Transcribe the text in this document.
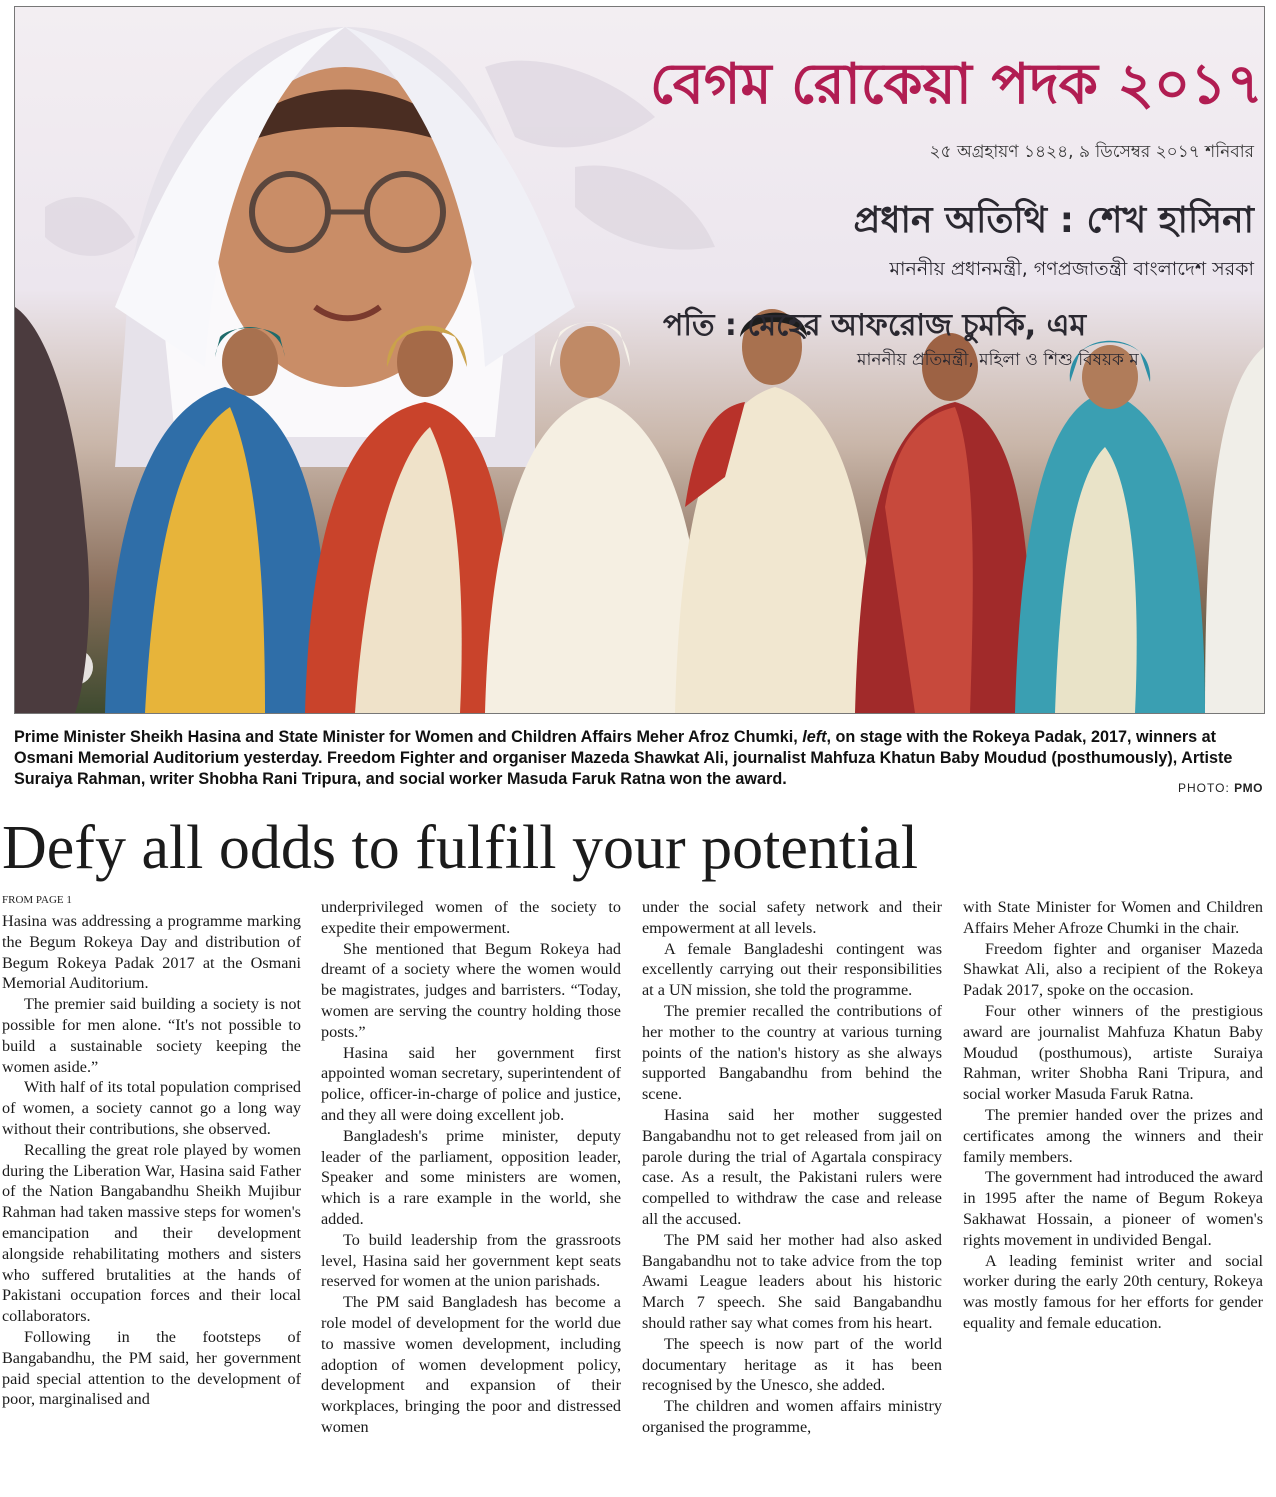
বেগম রোকেয়া পদক ২০১৭
২৫ অগ্রহায়ণ ১৪২৪, ৯ ডিসেম্বর ২০১৭ শনিবার
প্রধান অতিথি : শেখ হাসিনা
মাননীয় প্রধানমন্ত্রী, গণপ্রজাতন্ত্রী বাংলাদেশ সরকা
পতি : মেহের আফরোজ চুমকি, এম
মাননীয় প্রতিমন্ত্রী, মহিলা ও শিশু বিষয়ক ম
Prime Minister Sheikh Hasina and State Minister for Women and Children Affairs Meher Afroz Chumki, left, on stage with the Rokeya Padak, 2017, winners at Osmani Memorial Auditorium yesterday. Freedom Fighter and organiser Mazeda Shawkat Ali, journalist Mahfuza Khatun Baby Moudud (posthumously), Artiste Suraiya Rahman, writer Shobha Rani Tripura, and social worker Masuda Faruk Ratna won the award.	PHOTO: PMO
Defy all odds to fulfill your potential
FROM PAGE 1

Hasina was addressing a programme marking the Begum Rokeya Day and distribution of Begum Rokeya Padak 2017 at the Osmani Memorial Auditorium.

The premier said building a society is not possible for men alone. “It's not possible to build a sustainable society keeping the women aside.”

With half of its total population comprised of women, a society cannot go a long way without their contributions, she observed.

Recalling the great role played by women during the Liberation War, Hasina said Father of the Nation Bangabandhu Sheikh Mujibur Rahman had taken massive steps for women's emancipation and their development alongside rehabilitating mothers and sisters who suffered brutalities at the hands of Pakistani occupation forces and their local collaborators.

Following in the footsteps of Bangabandhu, the PM said, her government paid special attention to the development of poor, marginalised and

underprivileged women of the society to expedite their empowerment.

She mentioned that Begum Rokeya had dreamt of a society where the women would be magistrates, judges and barristers. “Today, women are serving the country holding those posts.”

Hasina said her government first appointed woman secretary, superintendent of police, officer-in-charge of police and justice, and they all were doing excellent job.

Bangladesh's prime minister, deputy leader of the parliament, opposition leader, Speaker and some ministers are women, which is a rare example in the world, she added.

To build leadership from the grassroots level, Hasina said her government kept seats reserved for women at the union parishads.

The PM said Bangladesh has become a role model of development for the world due to massive women development, including adoption of women development policy, development and expansion of their workplaces, bringing the poor and distressed women

under the social safety network and their empowerment at all levels.

A female Bangladeshi contingent was excellently carrying out their responsibilities at a UN mission, she told the programme.

The premier recalled the contributions of her mother to the country at various turning points of the nation's history as she always supported Bangabandhu from behind the scene.

Hasina said her mother suggested Bangabandhu not to get released from jail on parole during the trial of Agartala conspiracy case. As a result, the Pakistani rulers were compelled to withdraw the case and release all the accused.

The PM said her mother had also asked Bangabandhu not to take advice from the top Awami League leaders about his historic March 7 speech. She said Bangabandhu should rather say what comes from his heart.

The speech is now part of the world documentary heritage as it has been recognised by the Unesco, she added.

The children and women affairs ministry organised the programme,

with State Minister for Women and Children Affairs Meher Afroze Chumki in the chair.

Freedom fighter and organiser Mazeda Shawkat Ali, also a recipient of the Rokeya Padak 2017, spoke on the occasion.

Four other winners of the prestigious award are journalist Mahfuza Khatun Baby Moudud (posthumous), artiste Suraiya Rahman, writer Shobha Rani Tripura, and social worker Masuda Faruk Ratna.

The premier handed over the prizes and certificates among the winners and their family members.

The government had introduced the award in 1995 after the name of Begum Rokeya Sakhawat Hossain, a pioneer of women's rights movement in undivided Bengal.

A leading feminist writer and social worker during the early 20th century, Rokeya was mostly famous for her efforts for gender equality and female education.
